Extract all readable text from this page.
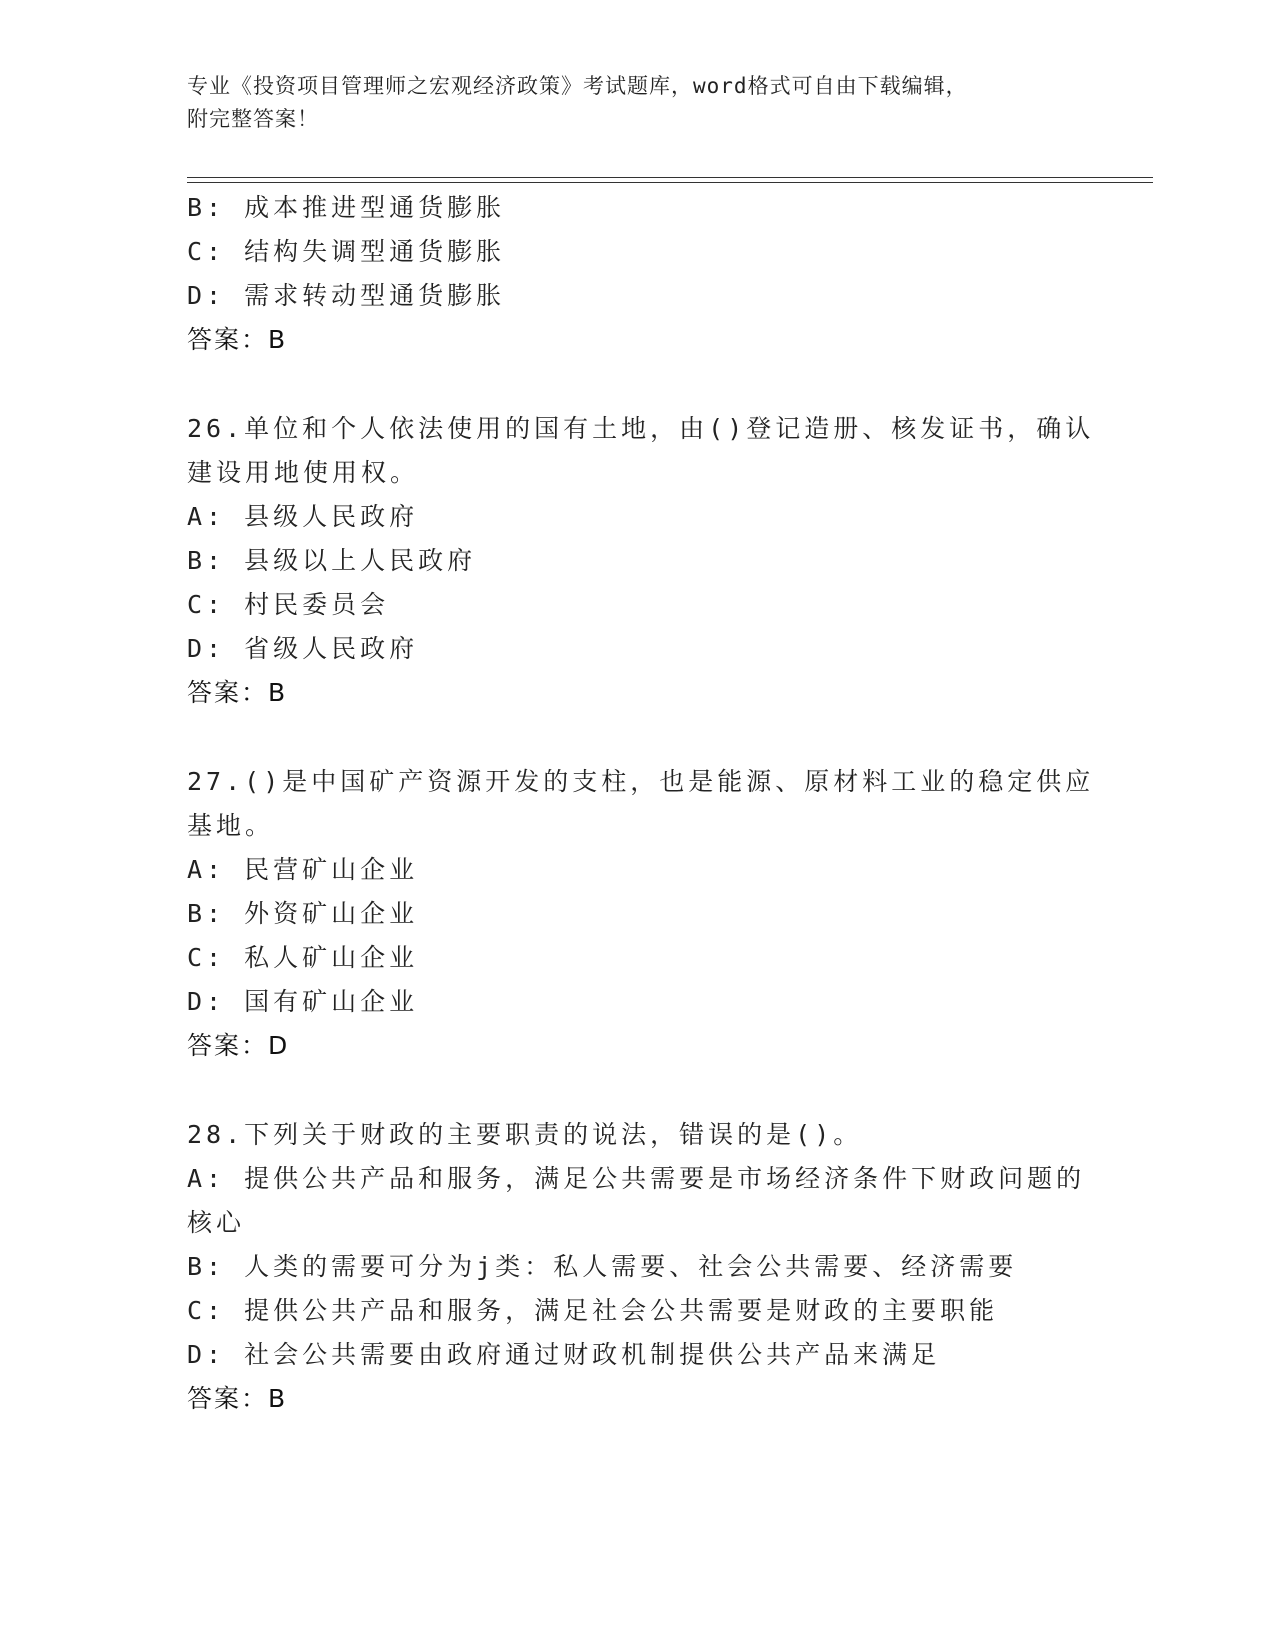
专业《投资项目管理师之宏观经济政策》考试题库，word格式可自由下载编辑，
附完整答案！
B: 成本推进型通货膨胀
C: 结构失调型通货膨胀
D: 需求转动型通货膨胀
答案：B
26.单位和个人依法使用的国有土地，由()登记造册、核发证书，确认
建设用地使用权。
A: 县级人民政府
B: 县级以上人民政府
C: 村民委员会
D: 省级人民政府
答案：B
27.()是中国矿产资源开发的支柱，也是能源、原材料工业的稳定供应
基地。
A: 民营矿山企业
B: 外资矿山企业
C: 私人矿山企业
D: 国有矿山企业
答案：D
28.下列关于财政的主要职责的说法，错误的是()。
A: 提供公共产品和服务，满足公共需要是市场经济条件下财政问题的
核心
B: 人类的需要可分为j类：私人需要、社会公共需要、经济需要
C: 提供公共产品和服务，满足社会公共需要是财政的主要职能
D: 社会公共需要由政府通过财政机制提供公共产品来满足
答案：B
